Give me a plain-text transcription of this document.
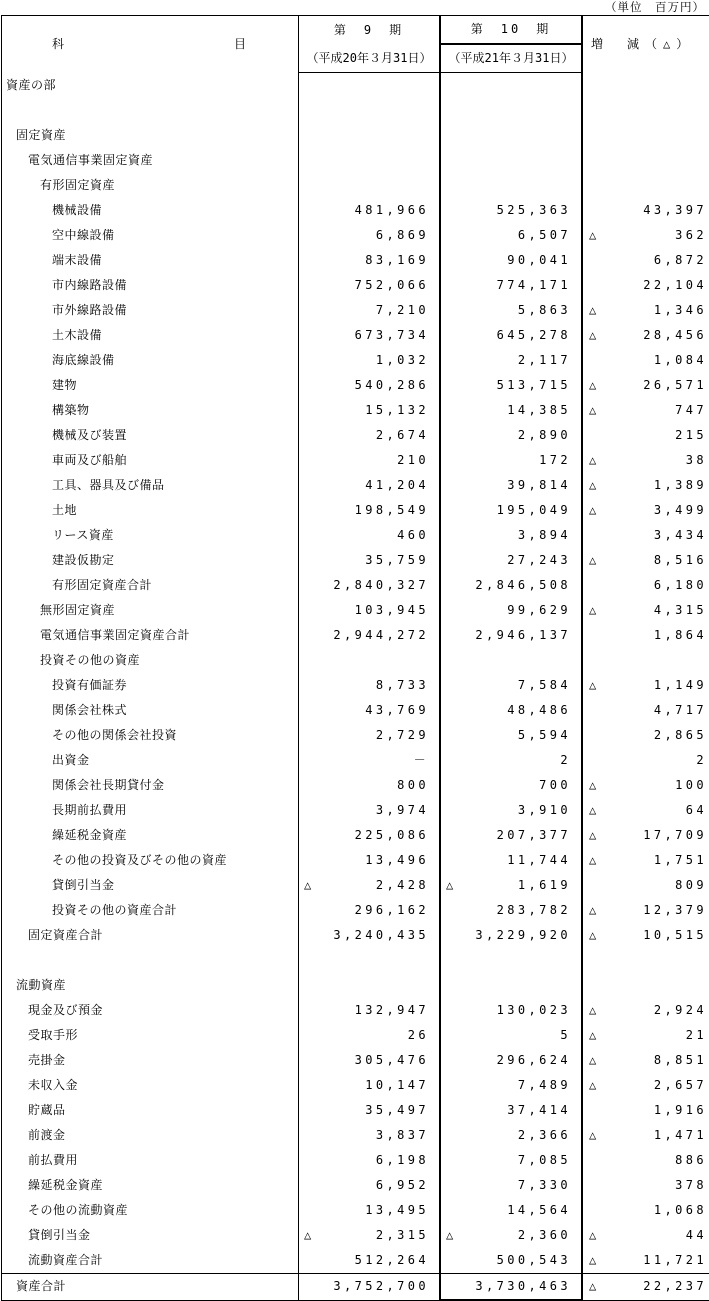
（単位　百万円）
科 目	第　9　期	第　10　期	増　減（△）
	（平成20年３月31日）	（平成21年３月31日）	
資産の部			

固定資産			
電気通信事業固定資産			
有形固定資産			
機械設備	481,966	525,363	43,397

空中線設備	6,869	6,507	△ 362

端末設備	83,169	90,041	6,872

市内線路設備	752,066	774,171	22,104

市外線路設備	7,210	5,863	△ 1,346

土木設備	673,734	645,278	△ 28,456

海底線設備	1,032	2,117	1,084

建物	540,286	513,715	△ 26,571

構築物	15,132	14,385	△ 747

機械及び装置	2,674	2,890	215

車両及び船舶	210	172	△ 38

工具、器具及び備品	41,204	39,814	△ 1,389

土地	198,549	195,049	△ 3,499

リース資産	460	3,894	3,434

建設仮勘定	35,759	27,243	△ 8,516

有形固定資産合計	2,840,327	2,846,508	6,180

無形固定資産	103,945	99,629	△ 4,315

電気通信事業固定資産合計	2,944,272	2,946,137	1,864

投資その他の資産			
投資有価証券	8,733	7,584	△ 1,149

関係会社株式	43,769	48,486	4,717

その他の関係会社投資	2,729	5,594	2,865

出資金	－	2	2

関係会社長期貸付金	800	700	△ 100

長期前払費用	3,974	3,910	△ 64

繰延税金資産	225,086	207,377	△ 17,709

その他の投資及びその他の資産	13,496	11,744	△ 1,751

貸倒引当金	△ 2,428	△ 1,619	809

投資その他の資産合計	296,162	283,782	△ 12,379

固定資産合計	3,240,435	3,229,920	△ 10,515

流動資産			
現金及び預金	132,947	130,023	△ 2,924

受取手形	26	5	△ 21

売掛金	305,476	296,624	△ 8,851

未収入金	10,147	7,489	△ 2,657

貯蔵品	35,497	37,414	1,916

前渡金	3,837	2,366	△ 1,471

前払費用	6,198	7,085	886

繰延税金資産	6,952	7,330	378

その他の流動資産	13,495	14,564	1,068

貸倒引当金	△ 2,315	△ 2,360	△ 44

流動資産合計	512,264	500,543	△ 11,721

資産合計	3,752,700	3,730,463	△ 22,237
